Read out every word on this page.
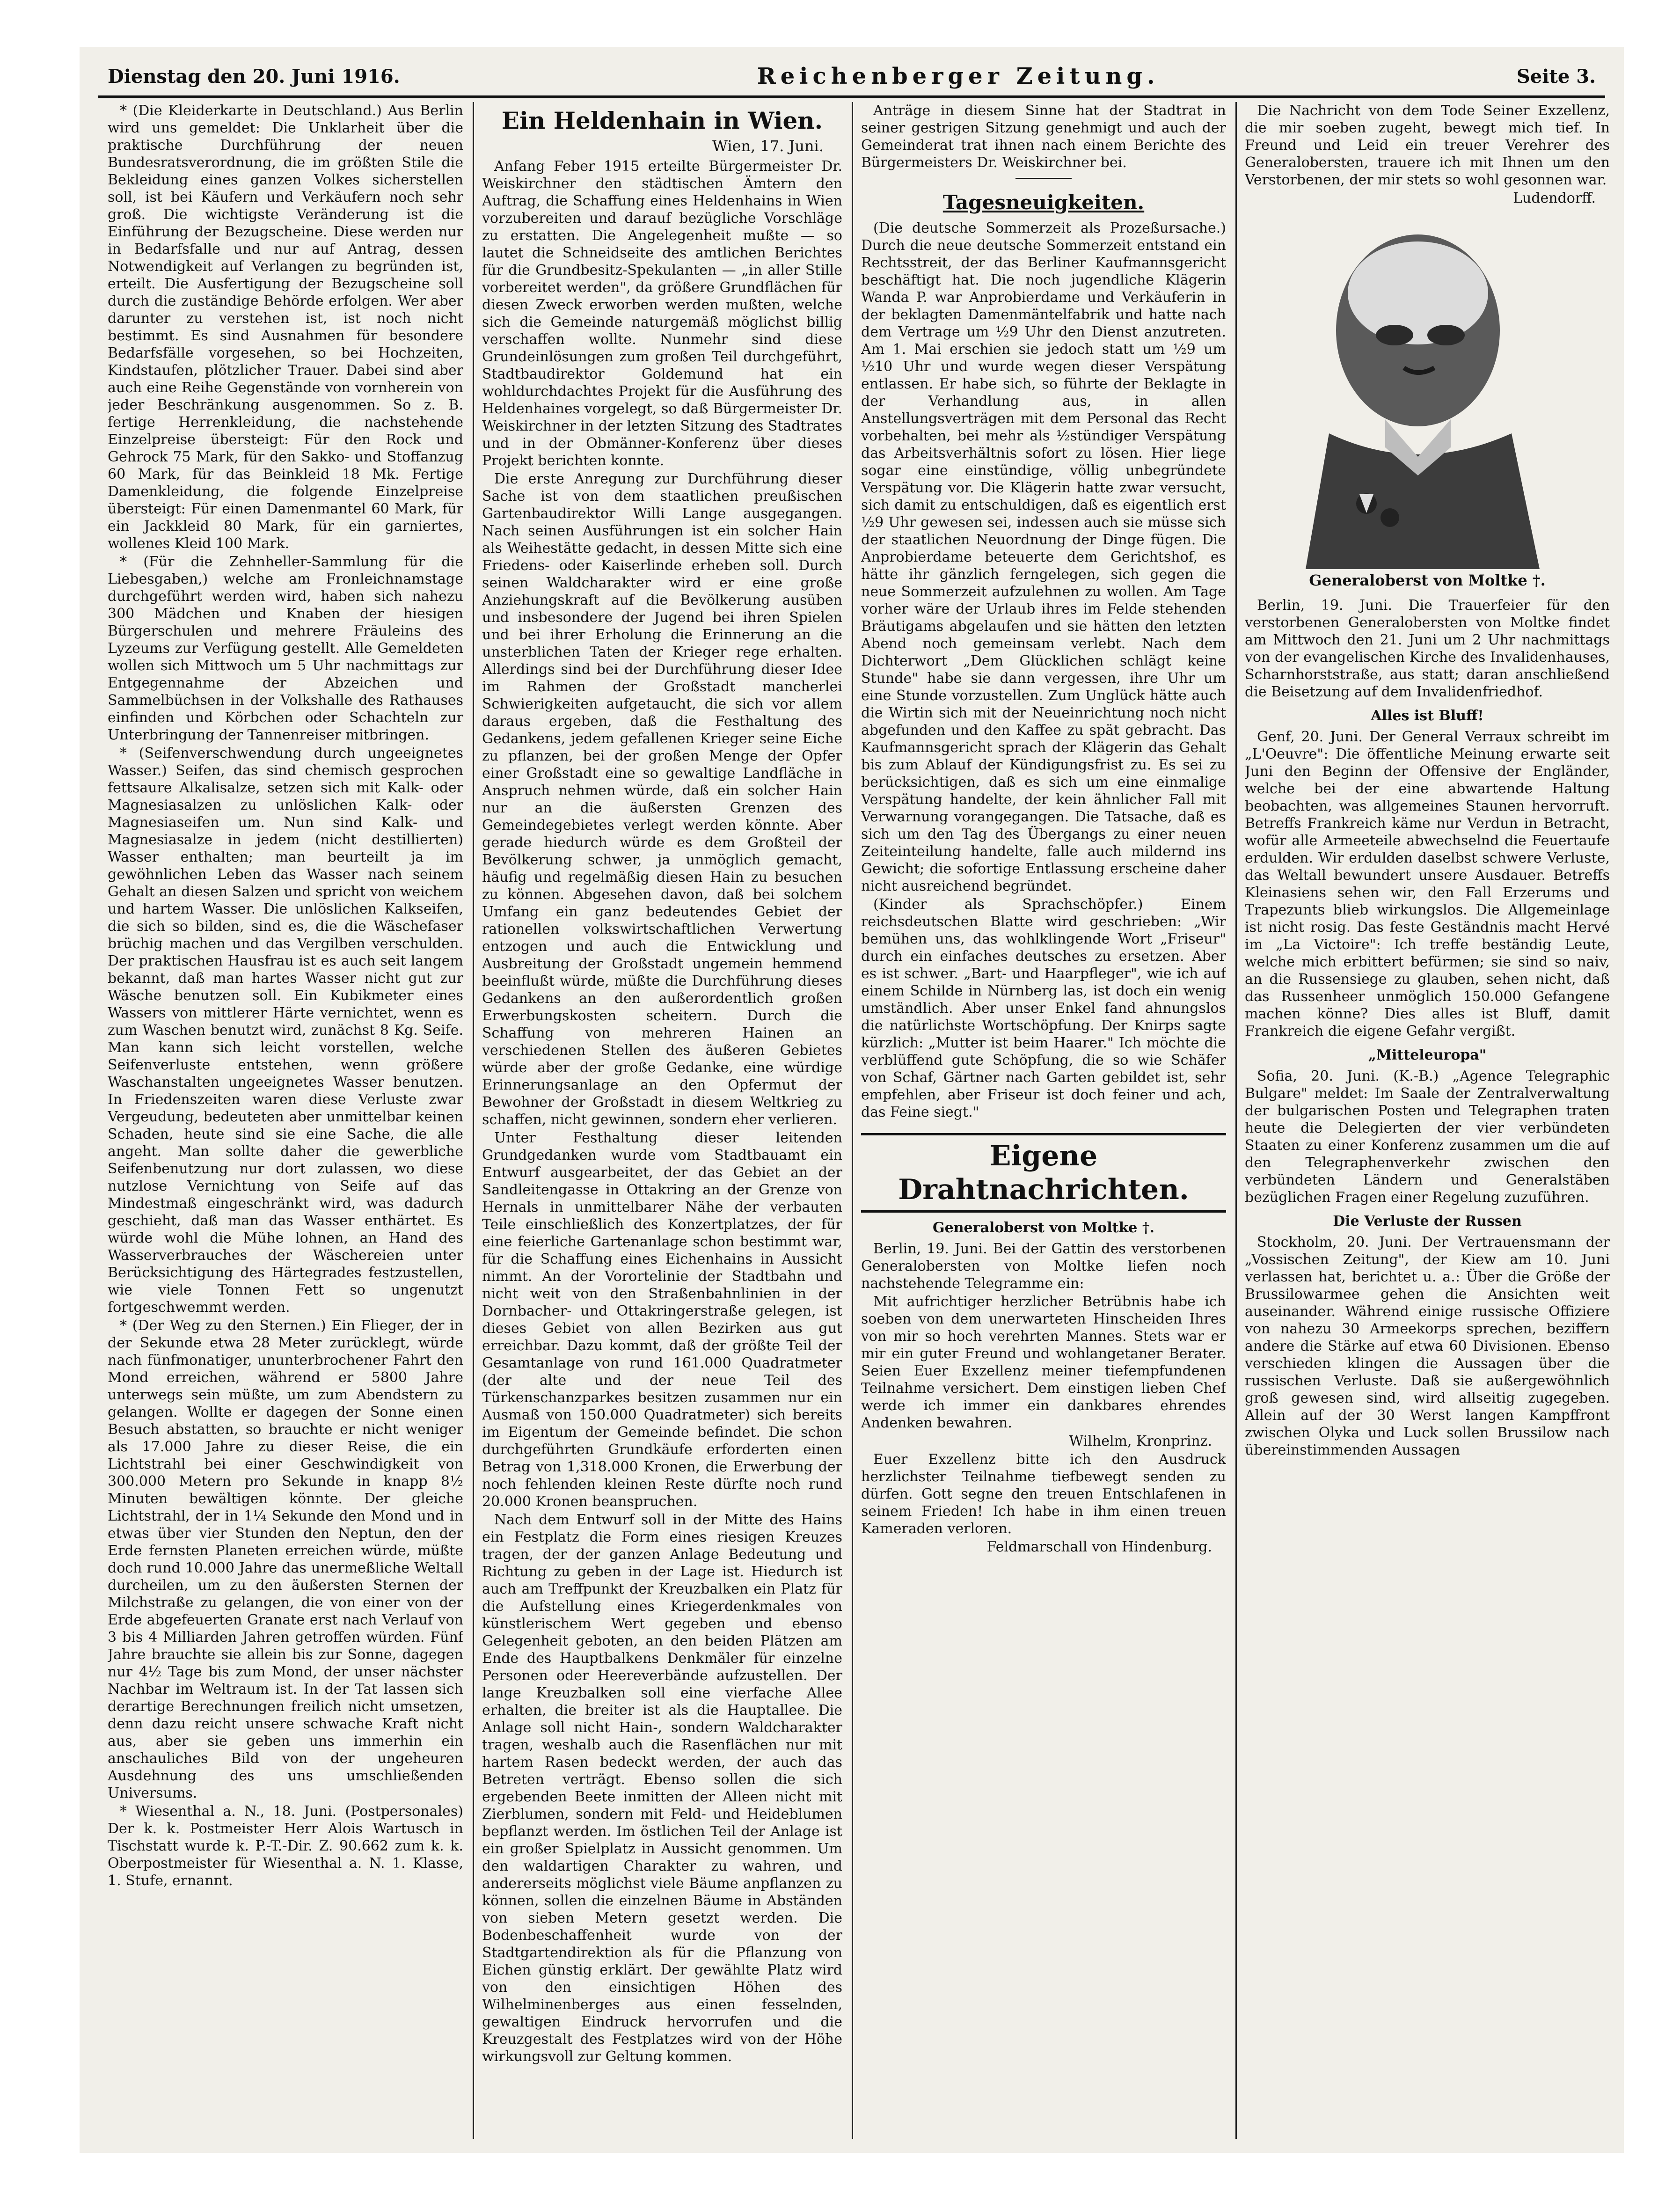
Dienstag den 20. Juni 1916.	Reichenberger Zeitung.	Seite 3.

* (Die Kleiderkarte in Deutschland.) Aus Berlin wird uns gemeldet: Die Unklarheit über die praktische Durchführung der neuen Bundesratsverordnung, die im größten Stile die Bekleidung eines ganzen Volkes sicherstellen soll, ist bei Käufern und Verkäufern noch sehr groß. Die wichtigste Veränderung ist die Einführung der Bezugscheine. Diese werden nur in Bedarfsfalle und nur auf Antrag, dessen Notwendigkeit auf Verlangen zu begründen ist, erteilt. Die Ausfertigung der Bezugscheine soll durch die zuständige Behörde erfolgen. Wer aber darunter zu verstehen ist, ist noch nicht bestimmt. Es sind Ausnahmen für besondere Bedarfsfälle vorgesehen, so bei Hochzeiten, Kindstaufen, plötzlicher Trauer. Dabei sind aber auch eine Reihe Gegenstände von vornherein von jeder Beschränkung ausgenommen. So z. B. fertige Herrenkleidung, die nachstehende Einzelpreise übersteigt: Für den Rock und Gehrock 75 Mark, für den Sakko- und Stoffanzug 60 Mark, für das Beinkleid 18 Mk. Fertige Damenkleidung, die folgende Einzelpreise übersteigt: Für einen Damenmantel 60 Mark, für ein Jackkleid 80 Mark, für ein garniertes, wollenes Kleid 100 Mark.

* (Für die Zehnheller-Sammlung für die Liebesgaben,) welche am Fronleichnamstage durchgeführt werden wird, haben sich nahezu 300 Mädchen und Knaben der hiesigen Bürgerschulen und mehrere Fräuleins des Lyzeums zur Verfügung gestellt. Alle Gemeldeten wollen sich Mittwoch um 5 Uhr nachmittags zur Entgegennahme der Abzeichen und Sammelbüchsen in der Volkshalle des Rathauses einfinden und Körbchen oder Schachteln zur Unterbringung der Tannenreiser mitbringen.

* (Seifenverschwendung durch ungeeignetes Wasser.) Seifen, das sind chemisch gesprochen fettsaure Alkalisalze, setzen sich mit Kalk- oder Magnesiasalzen zu unlöslichen Kalk- oder Magnesiaseifen um. Nun sind Kalk- und Magnesiasalze in jedem (nicht destillierten) Wasser enthalten; man beurteilt ja im gewöhnlichen Leben das Wasser nach seinem Gehalt an diesen Salzen und spricht von weichem und hartem Wasser. Die unlöslichen Kalkseifen, die sich so bilden, sind es, die die Wäschefaser brüchig machen und das Vergilben verschulden. Der praktischen Hausfrau ist es auch seit langem bekannt, daß man hartes Wasser nicht gut zur Wäsche benutzen soll. Ein Kubikmeter eines Wassers von mittlerer Härte vernichtet, wenn es zum Waschen benutzt wird, zunächst 8 Kg. Seife. Man kann sich leicht vorstellen, welche Seifenverluste entstehen, wenn größere Waschanstalten ungeeignetes Wasser benutzen. In Friedenszeiten waren diese Verluste zwar Vergeudung, bedeuteten aber unmittelbar keinen Schaden, heute sind sie eine Sache, die alle angeht. Man sollte daher die gewerbliche Seifenbenutzung nur dort zulassen, wo diese nutzlose Vernichtung von Seife auf das Mindestmaß eingeschränkt wird, was dadurch geschieht, daß man das Wasser enthärtet. Es würde wohl die Mühe lohnen, an Hand des Wasserverbrauches der Wäschereien unter Berücksichtigung des Härtegrades festzustellen, wie viele Tonnen Fett so ungenutzt fortgeschwemmt werden.

* (Der Weg zu den Sternen.) Ein Flieger, der in der Sekunde etwa 28 Meter zurücklegt, würde nach fünfmonatiger, ununterbrochener Fahrt den Mond erreichen, während er 5800 Jahre unterwegs sein müßte, um zum Abendstern zu gelangen. Wollte er dagegen der Sonne einen Besuch abstatten, so brauchte er nicht weniger als 17.000 Jahre zu dieser Reise, die ein Lichtstrahl bei einer Geschwindigkeit von 300.000 Metern pro Sekunde in knapp 8½ Minuten bewältigen könnte. Der gleiche Lichtstrahl, der in 1¼ Sekunde den Mond und in etwas über vier Stunden den Neptun, den der Erde fernsten Planeten erreichen würde, müßte doch rund 10.000 Jahre das unermeßliche Weltall durcheilen, um zu den äußersten Sternen der Milchstraße zu gelangen, die von einer von der Erde abgefeuerten Granate erst nach Verlauf von 3 bis 4 Milliarden Jahren getroffen würden. Fünf Jahre brauchte sie allein bis zur Sonne, dagegen nur 4½ Tage bis zum Mond, der unser nächster Nachbar im Weltraum ist. In der Tat lassen sich derartige Berechnungen freilich nicht umsetzen, denn dazu reicht unsere schwache Kraft nicht aus, aber sie geben uns immerhin ein anschauliches Bild von der ungeheuren Ausdehnung des uns umschließenden Universums.

* Wiesenthal a. N., 18. Juni. (Postpersonales) Der k. k. Postmeister Herr Alois Wartusch in Tischstatt wurde k. P.-T.-Dir. Z. 90.662 zum k. k. Oberpostmeister für Wiesenthal a. N. 1. Klasse, 1. Stufe, ernannt.

Ein Heldenhain in Wien.
Wien, 17. Juni.

Anfang Feber 1915 erteilte Bürgermeister Dr. Weiskirchner den städtischen Ämtern den Auftrag, die Schaffung eines Heldenhains in Wien vorzubereiten und darauf bezügliche Vorschläge zu erstatten. Die Angelegenheit mußte — so lautet die Schneidseite des amtlichen Berichtes für die Grundbesitz-Spekulanten — „in aller Stille vorbereitet werden", da größere Grundflächen für diesen Zweck erworben werden mußten, welche sich die Gemeinde naturgemäß möglichst billig verschaffen wollte. Nunmehr sind diese Grundeinlösungen zum großen Teil durchgeführt, Stadtbaudirektor Goldemund hat ein wohldurchdachtes Projekt für die Ausführung des Heldenhaines vorgelegt, so daß Bürgermeister Dr. Weiskirchner in der letzten Sitzung des Stadtrates und in der Obmänner-Konferenz über dieses Projekt berichten konnte.

Die erste Anregung zur Durchführung dieser Sache ist von dem staatlichen preußischen Gartenbaudirektor Willi Lange ausgegangen. Nach seinen Ausführungen ist ein solcher Hain als Weihestätte gedacht, in dessen Mitte sich eine Friedens- oder Kaiserlinde erheben soll. Durch seinen Waldcharakter wird er eine große Anziehungskraft auf die Bevölkerung ausüben und insbesondere der Jugend bei ihren Spielen und bei ihrer Erholung die Erinnerung an die unsterblichen Taten der Krieger rege erhalten. Allerdings sind bei der Durchführung dieser Idee im Rahmen der Großstadt mancherlei Schwierigkeiten aufgetaucht, die sich vor allem daraus ergeben, daß die Festhaltung des Gedankens, jedem gefallenen Krieger seine Eiche zu pflanzen, bei der großen Menge der Opfer einer Großstadt eine so gewaltige Landfläche in Anspruch nehmen würde, daß ein solcher Hain nur an die äußersten Grenzen des Gemeindegebietes verlegt werden könnte. Aber gerade hiedurch würde es dem Großteil der Bevölkerung schwer, ja unmöglich gemacht, häufig und regelmäßig diesen Hain zu besuchen zu können. Abgesehen davon, daß bei solchem Umfang ein ganz bedeutendes Gebiet der rationellen volkswirtschaftlichen Verwertung entzogen und auch die Entwicklung und Ausbreitung der Großstadt ungemein hemmend beeinflußt würde, müßte die Durchführung dieses Gedankens an den außerordentlich großen Erwerbungskosten scheitern. Durch die Schaffung von mehreren Hainen an verschiedenen Stellen des äußeren Gebietes würde aber der große Gedanke, eine würdige Erinnerungsanlage an den Opfermut der Bewohner der Großstadt in diesem Weltkrieg zu schaffen, nicht gewinnen, sondern eher verlieren.

Unter Festhaltung dieser leitenden Grundgedanken wurde vom Stadtbauamt ein Entwurf ausgearbeitet, der das Gebiet an der Sandleitengasse in Ottakring an der Grenze von Hernals in unmittelbarer Nähe der verbauten Teile einschließlich des Konzertplatzes, der für eine feierliche Gartenanlage schon bestimmt war, für die Schaffung eines Eichenhains in Aussicht nimmt. An der Vorortelinie der Stadtbahn und nicht weit von den Straßenbahnlinien in der Dornbacher- und Ottakringerstraße gelegen, ist dieses Gebiet von allen Bezirken aus gut erreichbar. Dazu kommt, daß der größte Teil der Gesamtanlage von rund 161.000 Quadratmeter (der alte und der neue Teil des Türkenschanzparkes besitzen zusammen nur ein Ausmaß von 150.000 Quadratmeter) sich bereits im Eigentum der Gemeinde befindet. Die schon durchgeführten Grundkäufe erforderten einen Betrag von 1,318.000 Kronen, die Erwerbung der noch fehlenden kleinen Reste dürfte noch rund 20.000 Kronen beanspruchen.

Nach dem Entwurf soll in der Mitte des Hains ein Festplatz die Form eines riesigen Kreuzes tragen, der der ganzen Anlage Bedeutung und Richtung zu geben in der Lage ist. Hiedurch ist auch am Treffpunkt der Kreuzbalken ein Platz für die Aufstellung eines Kriegerdenkmales von künstlerischem Wert gegeben und ebenso Gelegenheit geboten, an den beiden Plätzen am Ende des Hauptbalkens Denkmäler für einzelne Personen oder Heereverbände aufzustellen. Der lange Kreuzbalken soll eine vierfache Allee erhalten, die breiter ist als die Hauptallee. Die Anlage soll nicht Hain-, sondern Waldcharakter tragen, weshalb auch die Rasenflächen nur mit hartem Rasen bedeckt werden, der auch das Betreten verträgt. Ebenso sollen die sich ergebenden Beete inmitten der Alleen nicht mit Zierblumen, sondern mit Feld- und Heideblumen bepflanzt werden. Im östlichen Teil der Anlage ist ein großer Spielplatz in Aussicht genommen. Um den waldartigen Charakter zu wahren, und andererseits möglichst viele Bäume anpflanzen zu können, sollen die einzelnen Bäume in Abständen von sieben Metern gesetzt werden. Die Bodenbeschaffenheit wurde von der Stadtgartendirektion als für die Pflanzung von Eichen günstig erklärt. Der gewählte Platz wird von den einsichtigen Höhen des Wilhelminenberges aus einen fesselnden, gewaltigen Eindruck hervorrufen und die Kreuzgestalt des Festplatzes wird von der Höhe wirkungsvoll zur Geltung kommen.

Anträge in diesem Sinne hat der Stadtrat in seiner gestrigen Sitzung genehmigt und auch der Gemeinderat trat ihnen nach einem Berichte des Bürgermeisters Dr. Weiskirchner bei.

Tagesneuigkeiten.

(Die deutsche Sommerzeit als Prozeßursache.) Durch die neue deutsche Sommerzeit entstand ein Rechtsstreit, der das Berliner Kaufmannsgericht beschäftigt hat. Die noch jugendliche Klägerin Wanda P. war Anprobierdame und Verkäuferin in der beklagten Damenmäntelfabrik und hatte nach dem Vertrage um ½9 Uhr den Dienst anzutreten. Am 1. Mai erschien sie jedoch statt um ½9 um ½10 Uhr und wurde wegen dieser Verspätung entlassen. Er habe sich, so führte der Beklagte in der Verhandlung aus, in allen Anstellungsverträgen mit dem Personal das Recht vorbehalten, bei mehr als ½stündiger Verspätung das Arbeitsverhältnis sofort zu lösen. Hier liege sogar eine einstündige, völlig unbegründete Verspätung vor. Die Klägerin hatte zwar versucht, sich damit zu entschuldigen, daß es eigentlich erst ½9 Uhr gewesen sei, indessen auch sie müsse sich der staatlichen Neuordnung der Dinge fügen. Die Anprobierdame beteuerte dem Gerichtshof, es hätte ihr gänzlich ferngelegen, sich gegen die neue Sommerzeit aufzulehnen zu wollen. Am Tage vorher wäre der Urlaub ihres im Felde stehenden Bräutigams abgelaufen und sie hätten den letzten Abend noch gemeinsam verlebt. Nach dem Dichterwort „Dem Glücklichen schlägt keine Stunde" habe sie dann vergessen, ihre Uhr um eine Stunde vorzustellen. Zum Unglück hätte auch die Wirtin sich mit der Neueinrichtung noch nicht abgefunden und den Kaffee zu spät gebracht. Das Kaufmannsgericht sprach der Klägerin das Gehalt bis zum Ablauf der Kündigungsfrist zu. Es sei zu berücksichtigen, daß es sich um eine einmalige Verspätung handelte, der kein ähnlicher Fall mit Verwarnung vorangegangen. Die Tatsache, daß es sich um den Tag des Übergangs zu einer neuen Zeiteinteilung handelte, falle auch mildernd ins Gewicht; die sofortige Entlassung erscheine daher nicht ausreichend begründet.

(Kinder als Sprachschöpfer.) Einem reichsdeutschen Blatte wird geschrieben: „Wir bemühen uns, das wohlklingende Wort „Friseur" durch ein einfaches deutsches zu ersetzen. Aber es ist schwer. „Bart- und Haarpfleger", wie ich auf einem Schilde in Nürnberg las, ist doch ein wenig umständlich. Aber unser Enkel fand ahnungslos die natürlichste Wortschöpfung. Der Knirps sagte kürzlich: „Mutter ist beim Haarer." Ich möchte die verblüffend gute Schöpfung, die so wie Schäfer von Schaf, Gärtner nach Garten gebildet ist, sehr empfehlen, aber Friseur ist doch feiner und ach, das Feine siegt."

Eigene Drahtnachrichten.
Generaloberst von Moltke †.

Berlin, 19. Juni. Bei der Gattin des verstorbenen Generalobersten von Moltke liefen noch nachstehende Telegramme ein:

Mit aufrichtiger herzlicher Betrübnis habe ich soeben von dem unerwarteten Hinscheiden Ihres von mir so hoch verehrten Mannes. Stets war er mir ein guter Freund und wohlangetaner Berater. Seien Euer Exzellenz meiner tiefempfundenen Teilnahme versichert. Dem einstigen lieben Chef werde ich immer ein dankbares ehrendes Andenken bewahren.

Wilhelm, Kronprinz.

Euer Exzellenz bitte ich den Ausdruck herzlichster Teilnahme tiefbewegt senden zu dürfen. Gott segne den treuen Entschlafenen in seinem Frieden! Ich habe in ihm einen treuen Kameraden verloren.

Feldmarschall von Hindenburg.

Die Nachricht von dem Tode Seiner Exzellenz, die mir soeben zugeht, bewegt mich tief. In Freund und Leid ein treuer Verehrer des Generalobersten, trauere ich mit Ihnen um den Verstorbenen, der mir stets so wohl gesonnen war.

Ludendorff.

Generaloberst von Moltke †.

Berlin, 19. Juni. Die Trauerfeier für den verstorbenen Generalobersten von Moltke findet am Mittwoch den 21. Juni um 2 Uhr nachmittags von der evangelischen Kirche des Invalidenhauses, Scharnhorststraße, aus statt; daran anschließend die Beisetzung auf dem Invalidenfriedhof.

Alles ist Bluff!

Genf, 20. Juni. Der General Verraux schreibt im „L'Oeuvre": Die öffentliche Meinung erwarte seit Juni den Beginn der Offensive der Engländer, welche bei der eine abwartende Haltung beobachten, was allgemeines Staunen hervorruft. Betreffs Frankreich käme nur Verdun in Betracht, wofür alle Armeeteile abwechselnd die Feuertaufe erdulden. Wir erdulden daselbst schwere Verluste, das Weltall bewundert unsere Ausdauer. Betreffs Kleinasiens sehen wir, den Fall Erzerums und Trapezunts blieb wirkungslos. Die Allgemeinlage ist nicht rosig. Das feste Geständnis macht Hervé im „La Victoire": Ich treffe beständig Leute, welche mich erbittert befürmen; sie sind so naiv, an die Russensiege zu glauben, sehen nicht, daß das Russenheer unmöglich 150.000 Gefangene machen könne? Dies alles ist Bluff, damit Frankreich die eigene Gefahr vergißt.

„Mitteleuropa"

Sofia, 20. Juni. (K.-B.) „Agence Telegraphic Bulgare" meldet: Im Saale der Zentralverwaltung der bulgarischen Posten und Telegraphen traten heute die Delegierten der vier verbündeten Staaten zu einer Konferenz zusammen um die auf den Telegraphenverkehr zwischen den verbündeten Ländern und Generalstäben bezüglichen Fragen einer Regelung zuzuführen.

Die Verluste der Russen

Stockholm, 20. Juni. Der Vertrauensmann der „Vossischen Zeitung", der Kiew am 10. Juni verlassen hat, berichtet u. a.: Über die Größe der Brussilowarmee gehen die Ansichten weit auseinander. Während einige russische Offiziere von nahezu 30 Armeekorps sprechen, beziffern andere die Stärke auf etwa 60 Divisionen. Ebenso verschieden klingen die Aussagen über die russischen Verluste. Daß sie außergewöhnlich groß gewesen sind, wird allseitig zugegeben. Allein auf der 30 Werst langen Kampffront zwischen Olyka und Luck sollen Brussilow nach übereinstimmenden Aussagen
